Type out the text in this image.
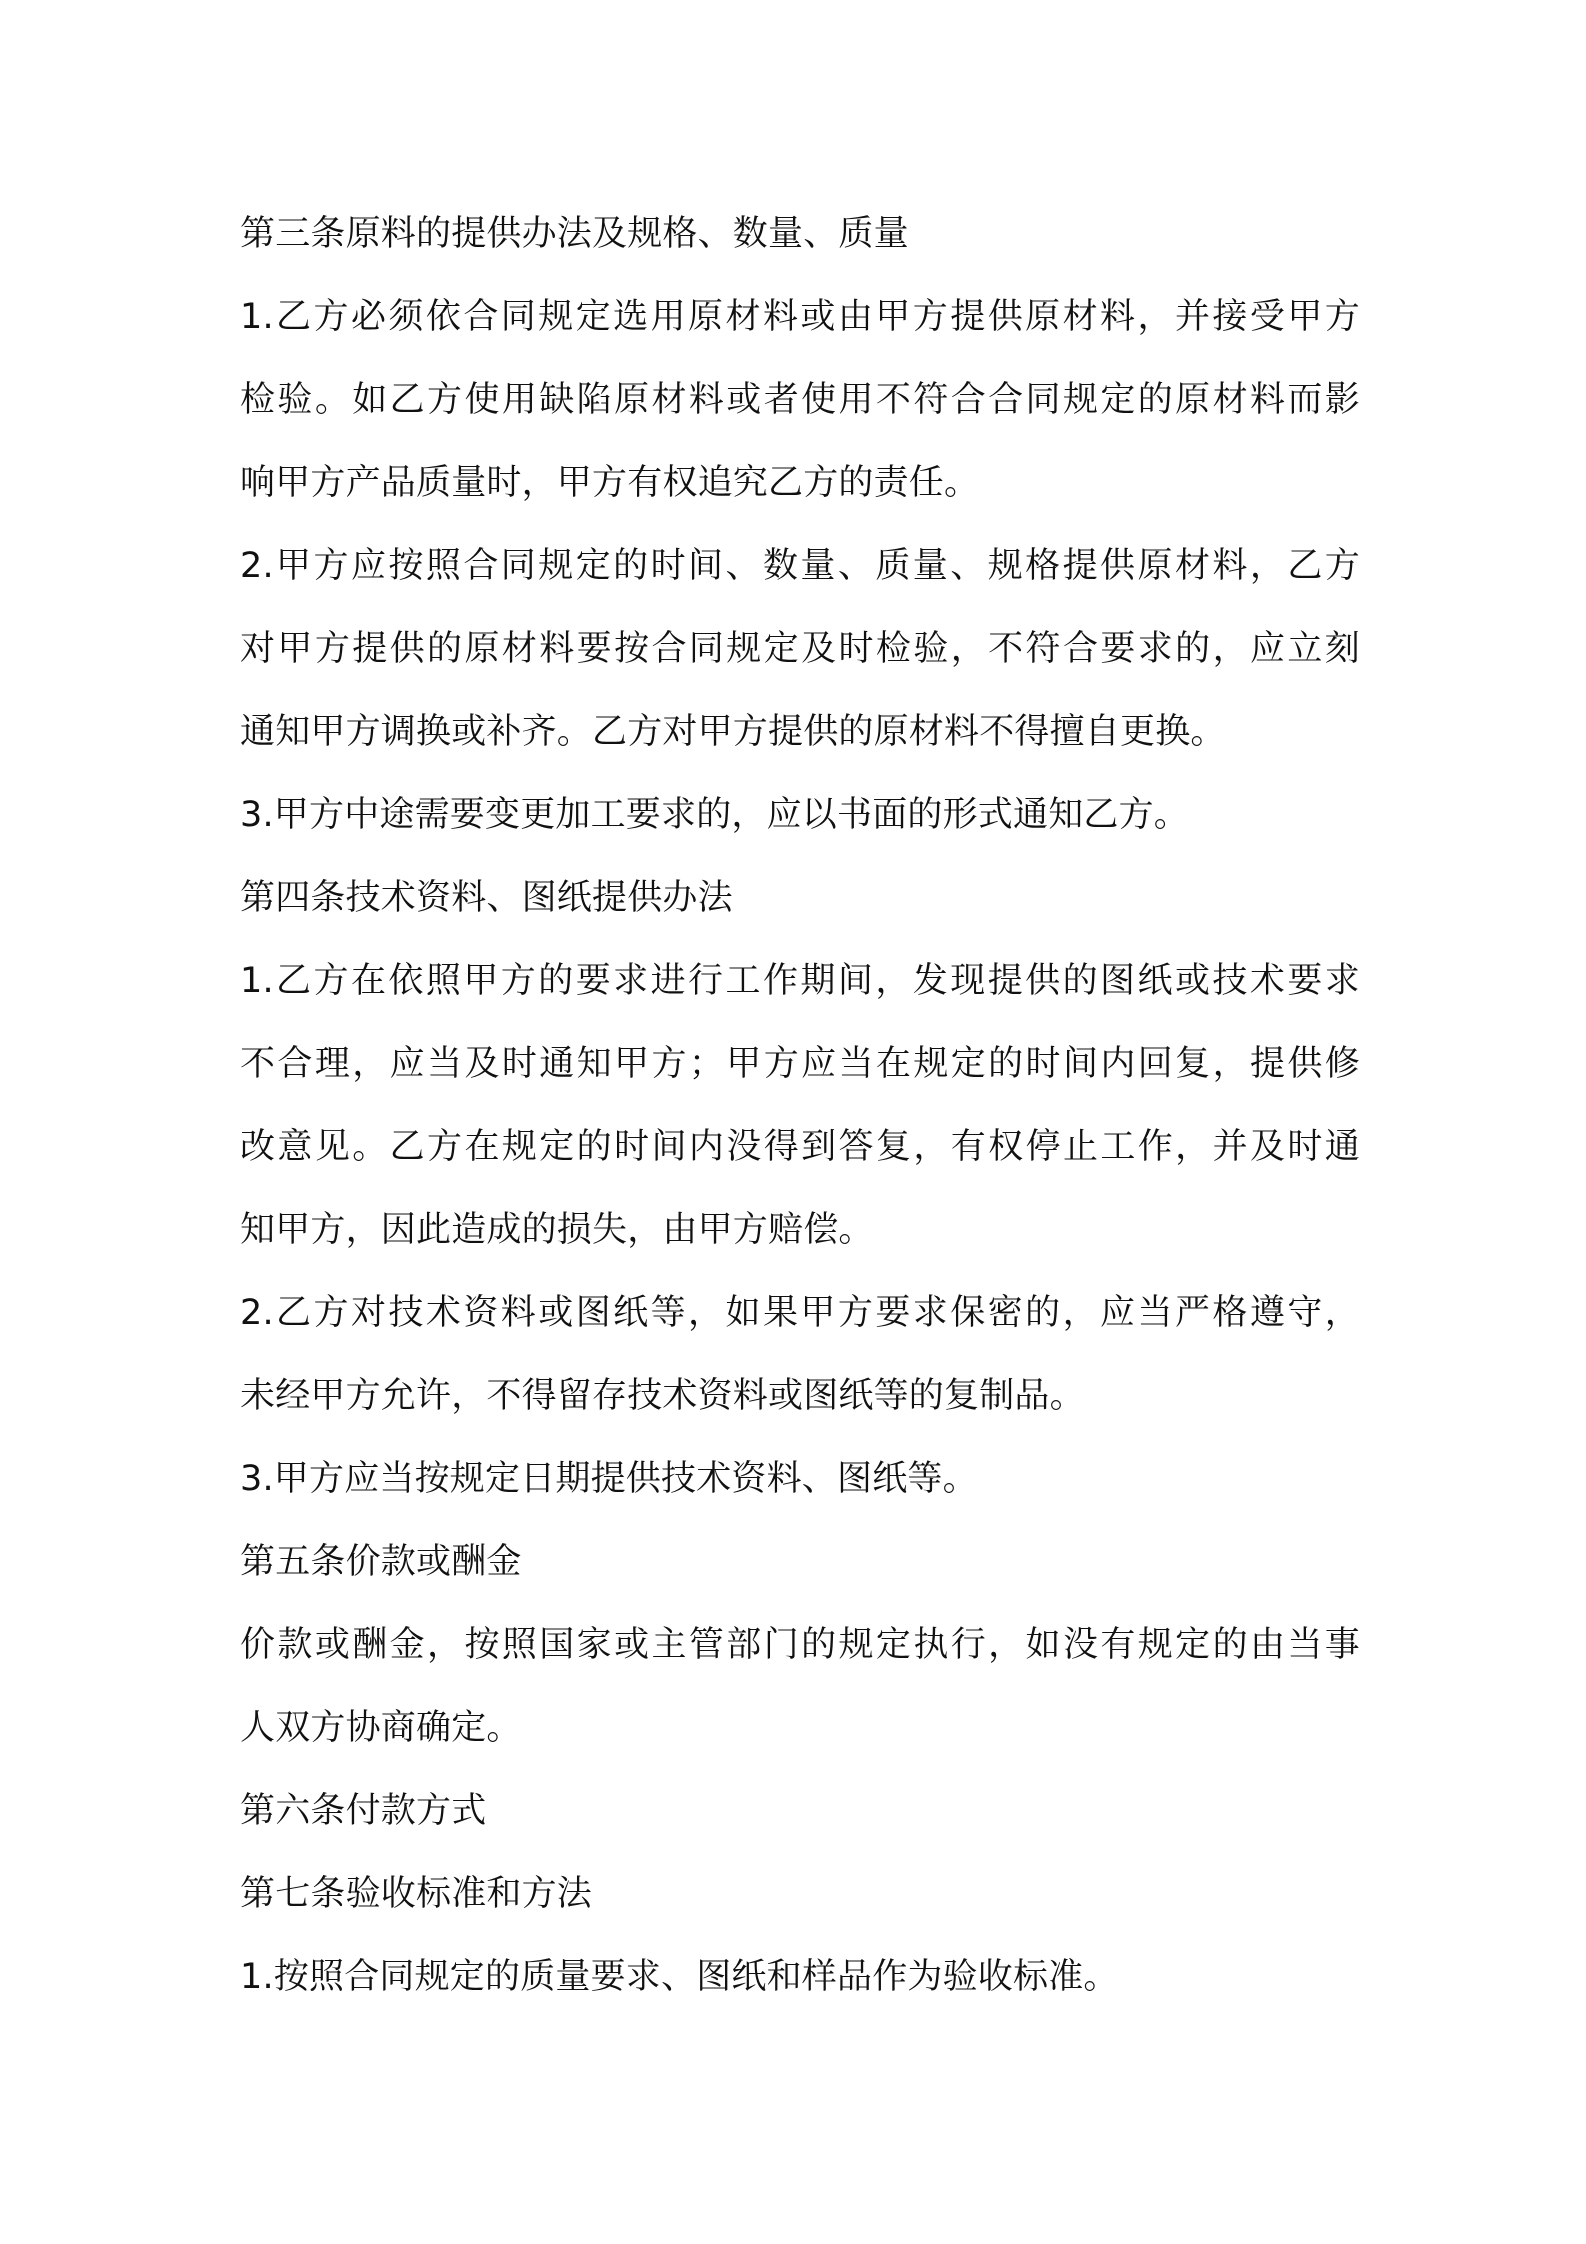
第三条原料的提供办法及规格、数量、质量
1.乙方必须依合同规定选用原材料或由甲方提供原材料，并接受甲方
检验。如乙方使用缺陷原材料或者使用不符合合同规定的原材料而影
响甲方产品质量时，甲方有权追究乙方的责任。
2.甲方应按照合同规定的时间、数量、质量、规格提供原材料，乙方
对甲方提供的原材料要按合同规定及时检验，不符合要求的，应立刻
通知甲方调换或补齐。乙方对甲方提供的原材料不得擅自更换。
3.甲方中途需要变更加工要求的，应以书面的形式通知乙方。
第四条技术资料、图纸提供办法
1.乙方在依照甲方的要求进行工作期间，发现提供的图纸或技术要求
不合理，应当及时通知甲方；甲方应当在规定的时间内回复，提供修
改意见。乙方在规定的时间内没得到答复，有权停止工作，并及时通
知甲方，因此造成的损失，由甲方赔偿。
2.乙方对技术资料或图纸等，如果甲方要求保密的，应当严格遵守，
未经甲方允许，不得留存技术资料或图纸等的复制品。
3.甲方应当按规定日期提供技术资料、图纸等。
第五条价款或酬金
价款或酬金，按照国家或主管部门的规定执行，如没有规定的由当事
人双方协商确定。
第六条付款方式
第七条验收标准和方法
1.按照合同规定的质量要求、图纸和样品作为验收标准。
